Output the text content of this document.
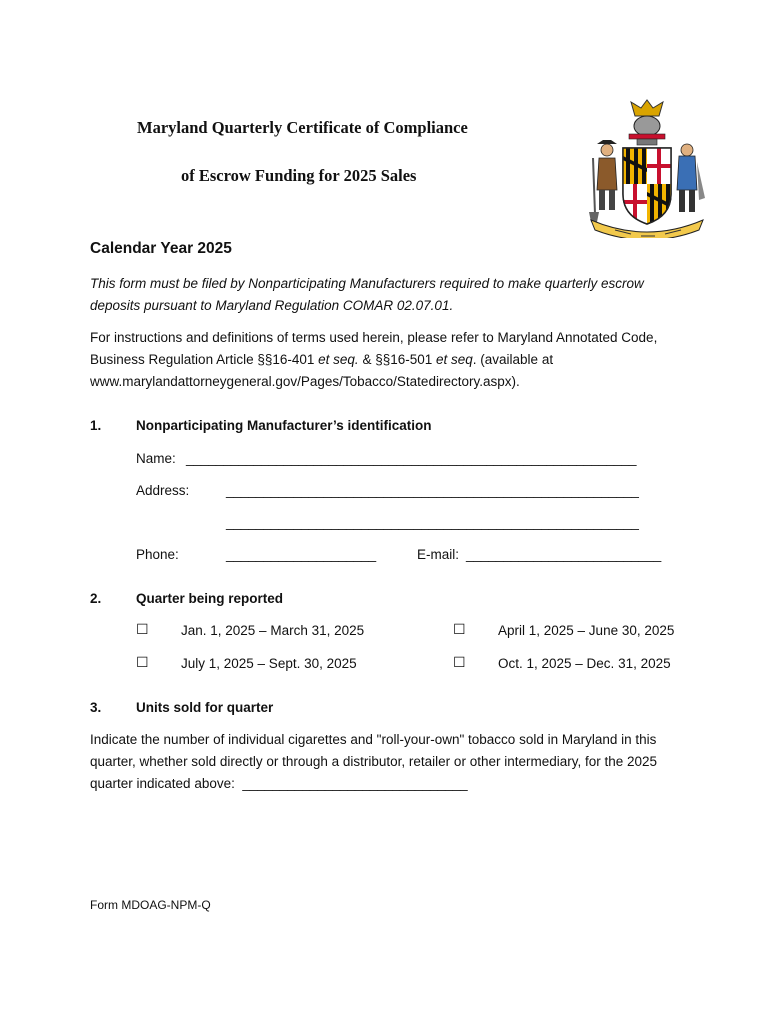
Maryland Quarterly Certificate of Compliance
of Escrow Funding for 2025 Sales
Calendar Year 2025
This form must be filed by Nonparticipating Manufacturers required to make quarterly escrow deposits pursuant to Maryland Regulation COMAR 02.07.01.
For instructions and definitions of terms used herein, please refer to Maryland Annotated Code, Business Regulation Article §§16-401 et seq. & §§16-501 et seq. (available at www.marylandattorneygeneral.gov/Pages/Tobacco/Statedirectory.aspx).
1.	Nonparticipating Manufacturer’s identification
Name: ____________________________________________________________
Address:	_______________________________________________________
_______________________________________________________
Phone:	____________________	E-mail: __________________________
2.	Quarter being reported
☐ Jan. 1, 2025 – March 31, 2025	☐ April 1, 2025 – June 30, 2025
☐ July 1, 2025 – Sept. 30, 2025	☐ Oct. 1, 2025 – Dec. 31, 2025
3.	Units sold for quarter
Indicate the number of individual cigarettes and "roll-your-own" tobacco sold in Maryland in this quarter, whether sold directly or through a distributor, retailer or other intermediary, for the 2025 quarter indicated above: ______________________________
Form MDOAG-NPM-Q
